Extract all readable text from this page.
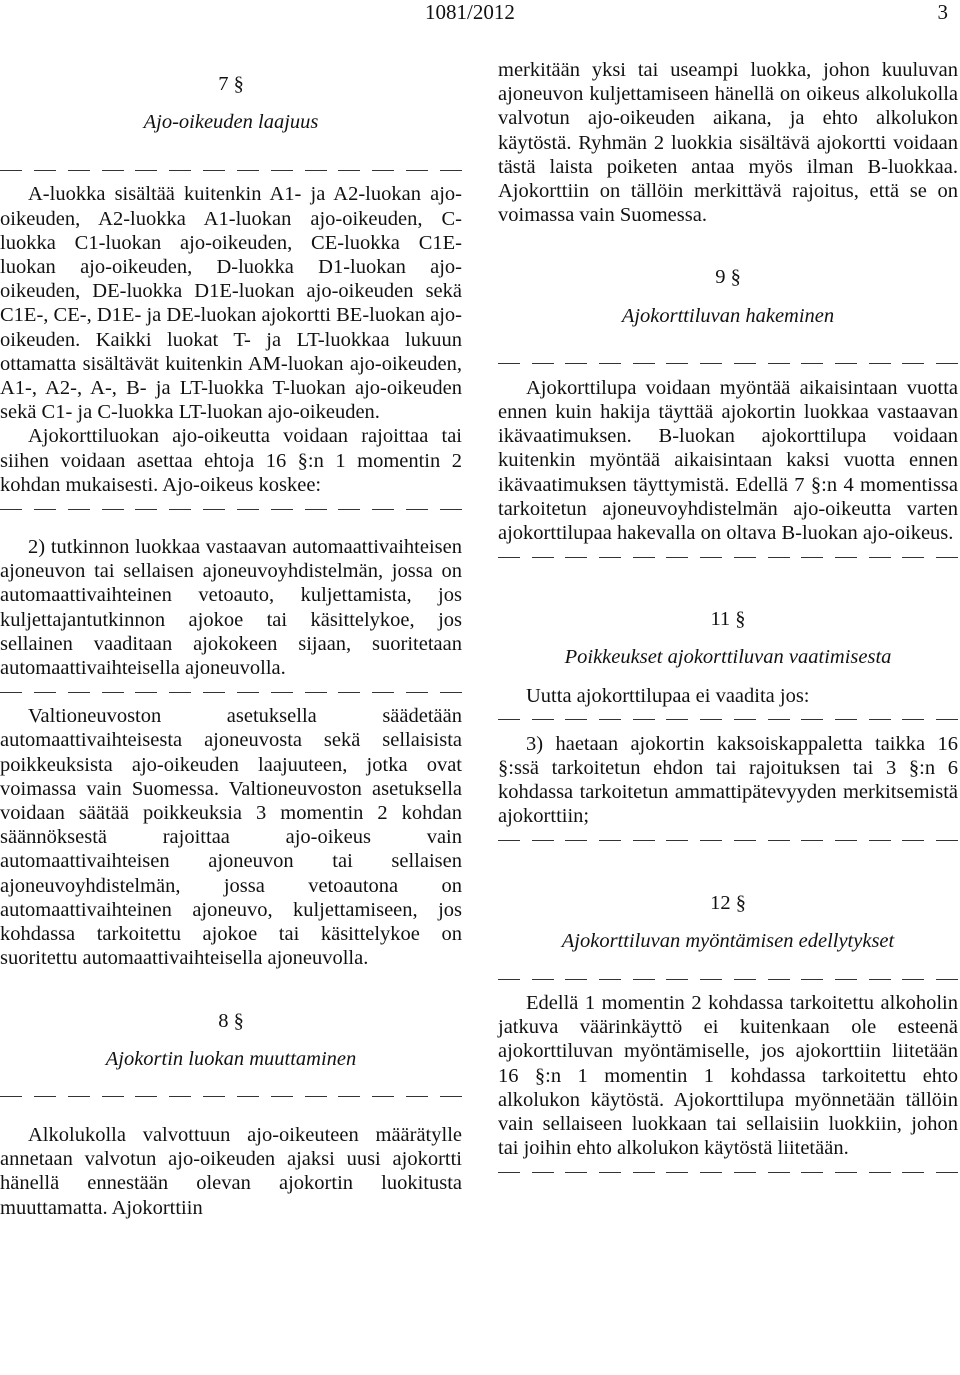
1081/2012	3

7 §

Ajo-oikeuden laajuus

A-luokka sisältää kuitenkin A1- ja A2-luokan ajo-oikeuden, A2-luokka A1-luokan ajo-oikeuden, C-luokka C1-luokan ajo-oikeuden, CE-luokka C1E-luokan ajo-oikeuden, D-luokka D1-luokan ajo-oikeuden, DE-luokka D1E-luokan ajo-oikeuden sekä C1E-, CE-, D1E- ja DE-luokan ajokortti BE-luokan ajo-oikeuden. Kaikki luokat T- ja LT-luokkaa lukuun ottamatta sisältävät kuitenkin AM-luokan ajo-oikeuden, A1-, A2-, A-, B- ja LT-luokka T-luokan ajo-oikeuden sekä C1- ja C-luokka LT-luokan ajo-oikeuden.

Ajokorttiluokan ajo-oikeutta voidaan rajoittaa tai siihen voidaan asettaa ehtoja 16 §:n 1 momentin 2 kohdan mukaisesti. Ajo-oikeus koskee:

2) tutkinnon luokkaa vastaavan automaattivaihteisen ajoneuvon tai sellaisen ajoneuvoyhdistelmän, jossa on automaattivaihteinen vetoauto, kuljettamista, jos kuljettajantutkinnon ajokoe tai käsittelykoe, jos sellainen vaaditaan ajokokeen sijaan, suoritetaan automaattivaihteisella ajoneuvolla.

Valtioneuvoston asetuksella säädetään automaattivaihteisesta ajoneuvosta sekä sellaisista poikkeuksista ajo-oikeuden laajuuteen, jotka ovat voimassa vain Suomessa. Valtioneuvoston asetuksella voidaan säätää poikkeuksia 3 momentin 2 kohdan säännöksestä rajoittaa ajo-oikeus vain automaattivaihteisen ajoneuvon tai sellaisen ajoneuvoyhdistelmän, jossa vetoautona on automaattivaihteinen ajoneuvo, kuljettamiseen, jos kohdassa tarkoitettu ajokoe tai käsittelykoe on suoritettu automaattivaihteisella ajoneuvolla.

8 §

Ajokortin luokan muuttaminen

Alkolukolla valvottuun ajo-oikeuteen määrätylle annetaan valvotun ajo-oikeuden ajaksi uusi ajokortti hänellä ennestään olevan ajokortin luokitusta muuttamatta. Ajokorttiin

merkitään yksi tai useampi luokka, johon kuuluvan ajoneuvon kuljettamiseen hänellä on oikeus alkolukolla valvotun ajo-oikeuden aikana, ja ehto alkolukon käytöstä. Ryhmän 2 luokkia sisältävä ajokortti voidaan tästä laista poiketen antaa myös ilman B-luokkaa. Ajokorttiin on tällöin merkittävä rajoitus, että se on voimassa vain Suomessa.

9 §

Ajokorttiluvan hakeminen

Ajokorttilupa voidaan myöntää aikaisintaan vuotta ennen kuin hakija täyttää ajokortin luokkaa vastaavan ikävaatimuksen. B-luokan ajokorttilupa voidaan kuitenkin myöntää aikaisintaan kaksi vuotta ennen ikävaatimuksen täyttymistä. Edellä 7 §:n 4 momentissa tarkoitetun ajoneuvoyhdistelmän ajo-oikeutta varten ajokorttilupaa hakevalla on oltava B-luokan ajo-oikeus.

11 §

Poikkeukset ajokorttiluvan vaatimisesta

Uutta ajokorttilupaa ei vaadita jos:

3) haetaan ajokortin kaksoiskappaletta taikka 16 §:ssä tarkoitetun ehdon tai rajoituksen tai 3 §:n 6 kohdassa tarkoitetun ammattipätevyyden merkitsemistä ajokorttiin;

12 §

Ajokorttiluvan myöntämisen edellytykset

Edellä 1 momentin 2 kohdassa tarkoitettu alkoholin jatkuva väärinkäyttö ei kuitenkaan ole esteenä ajokorttiluvan myöntämiselle, jos ajokorttiin liitetään 16 §:n 1 momentin 1 kohdassa tarkoitettu ehto alkolukon käytöstä. Ajokorttilupa myönnetään tällöin vain sellaiseen luokkaan tai sellaisiin luokkiin, johon tai joihin ehto alkolukon käytöstä liitetään.
